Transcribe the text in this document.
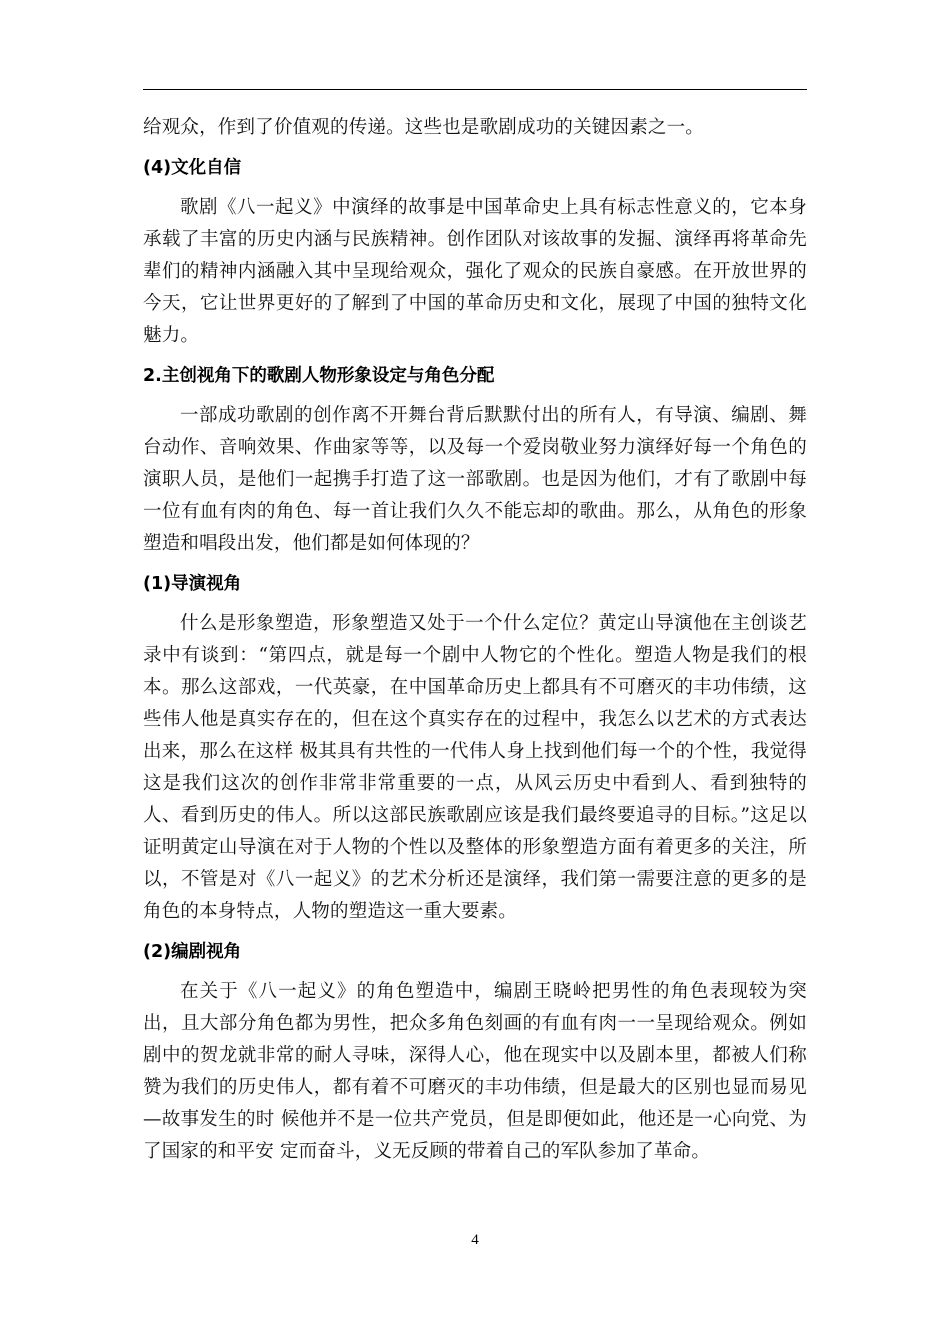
给观众，作到了价值观的传递。这些也是歌剧成功的关键因素之一。

(4)文化自信

歌剧《八一起义》中演绎的故事是中国革命史上具有标志性意义的，它本身承载了丰富的历史内涵与民族精神。创作团队对该故事的发掘、演绎再将革命先辈们的精神内涵融入其中呈现给观众，强化了观众的民族自豪感。在开放世界的今天，它让世界更好的了解到了中国的革命历史和文化，展现了中国的独特文化魅力。

2.主创视角下的歌剧人物形象设定与角色分配

一部成功歌剧的创作离不开舞台背后默默付出的所有人，有导演、编剧、舞台动作、音响效果、作曲家等等，以及每一个爱岗敬业努力演绎好每一个角色的演职人员，是他们一起携手打造了这一部歌剧。也是因为他们，才有了歌剧中每一位有血有肉的角色、每一首让我们久久不能忘却的歌曲。那么，从角色的形象塑造和唱段出发，他们都是如何体现的？

(1)导演视角

什么是形象塑造，形象塑造又处于一个什么定位？黄定山导演他在主创谈艺录中有谈到：“第四点，就是每一个剧中人物它的个性化。塑造人物是我们的根本。那么这部戏，一代英豪，在中国革命历史上都具有不可磨灭的丰功伟绩，这些伟人他是真实存在的，但在这个真实存在的过程中，我怎么以艺术的方式表达出来，那么在这样 极其具有共性的一代伟人身上找到他们每一个的个性，我觉得这是我们这次的创作非常非常重要的一点，从风云历史中看到人、看到独特的人、看到历史的伟人。所以这部民族歌剧应该是我们最终要追寻的目标。”这足以证明黄定山导演在对于人物的个性以及整体的形象塑造方面有着更多的关注，所以，不管是对《八一起义》的艺术分析还是演绎，我们第一需要注意的更多的是角色的本身特点，人物的塑造这一重大要素。

(2)编剧视角

在关于《八一起义》的角色塑造中，编剧王晓岭把男性的角色表现较为突出，且大部分角色都为男性，把众多角色刻画的有血有肉一一呈现给观众。例如剧中的贺龙就非常的耐人寻味，深得人心，他在现实中以及剧本里，都被人们称赞为我们的历史伟人，都有着不可磨灭的丰功伟绩，但是最大的区别也显而易见—故事发生的时 候他并不是一位共产党员，但是即便如此，他还是一心向党、为了国家的和平安 定而奋斗，义无反顾的带着自己的军队参加了革命。

4
